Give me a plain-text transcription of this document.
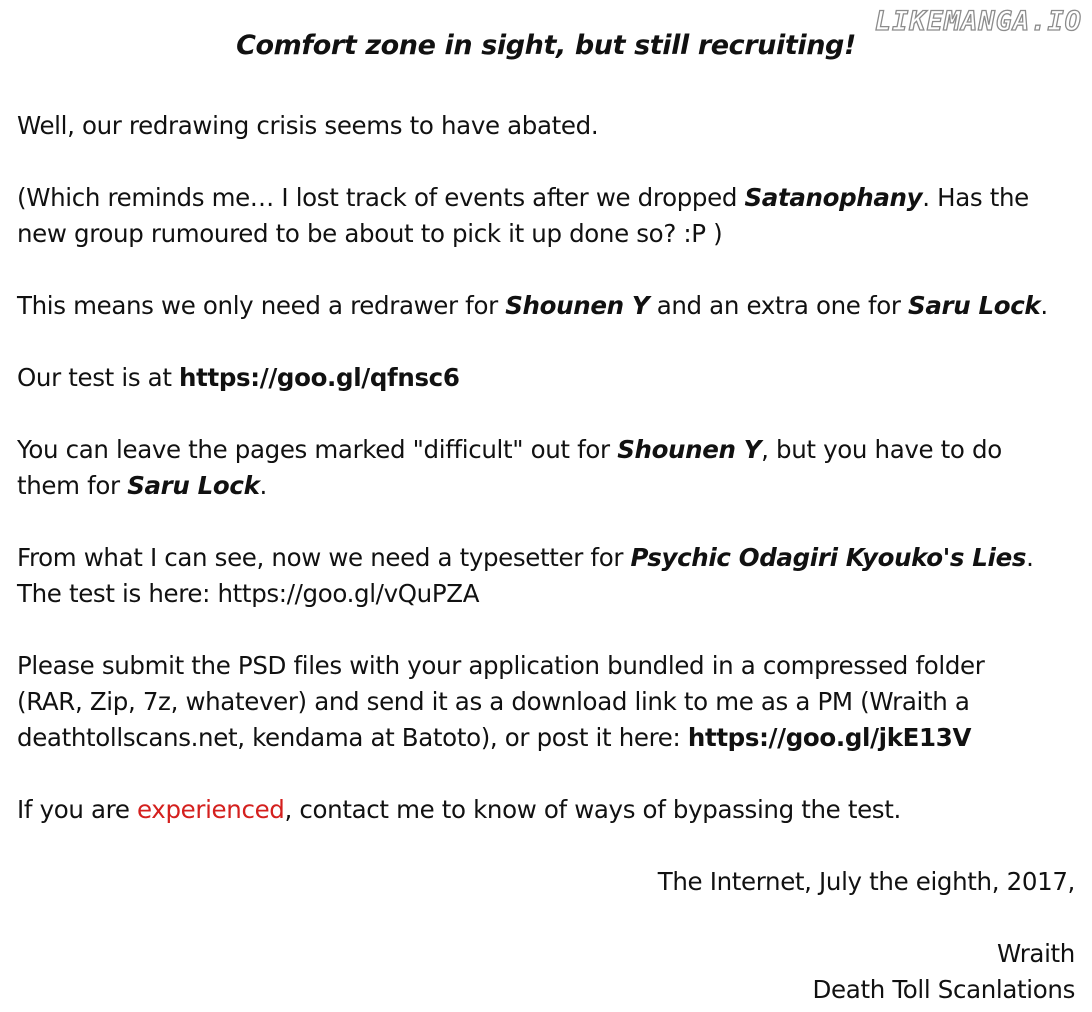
LIKEMANGA.IO
Comfort zone in sight, but still recruiting!

Well, our redrawing crisis seems to have abated.

(Which reminds me… I lost track of events after we dropped Satanophany. Has the
new group rumoured to be about to pick it up done so? :P )

This means we only need a redrawer for Shounen Y and an extra one for Saru Lock.

Our test is at https://goo.gl/qfnsc6

You can leave the pages marked "difficult" out for Shounen Y, but you have to do
them for Saru Lock.

From what I can see, now we need a typesetter for Psychic Odagiri Kyouko's Lies.
The test is here: https://goo.gl/vQuPZA

Please submit the PSD files with your application bundled in a compressed folder
(RAR, Zip, 7z, whatever) and send it as a download link to me as a PM (Wraith a
deathtollscans.net, kendama at Batoto), or post it here: https://goo.gl/jkE13V

If you are experienced, contact me to know of ways of bypassing the test.

The Internet, July the eighth, 2017,

Wraith
Death Toll Scanlations
